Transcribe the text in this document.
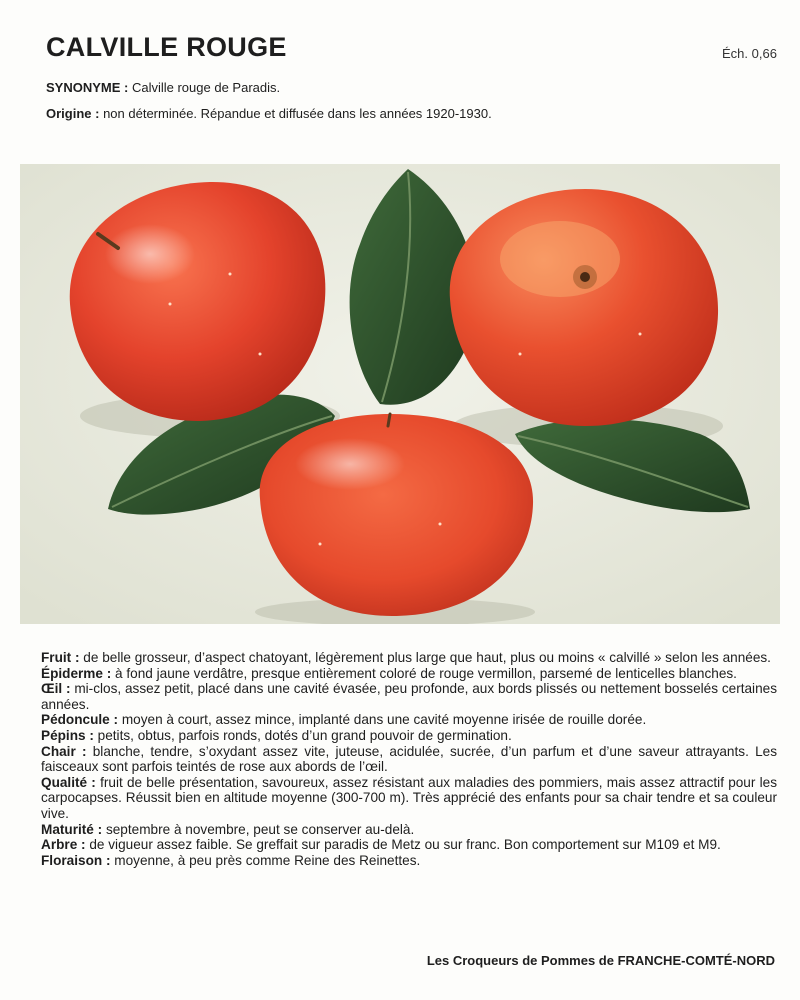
CALVILLE ROUGE	Éch. 0,66
SYNONYME : Calville rouge de Paradis.
Origine : non déterminée. Répandue et diffusée dans les années 1920-1930.

Fruit : de belle grosseur, d’aspect chatoyant, légèrement plus large que haut, plus ou moins « calvillé » selon les années.

Épiderme : à fond jaune verdâtre, presque entièrement coloré de rouge vermillon, parsemé de lenticelles blanches.

Œil : mi-clos, assez petit, placé dans une cavité évasée, peu profonde, aux bords plissés ou nettement bosselés certaines années.

Pédoncule : moyen à court, assez mince, implanté dans une cavité moyenne irisée de rouille dorée.

Pépins : petits, obtus, parfois ronds, dotés d’un grand pouvoir de germination.

Chair : blanche, tendre, s’oxydant assez vite, juteuse, acidulée, sucrée, d’un parfum et d’une saveur attrayants. Les faisceaux sont parfois teintés de rose aux abords de l’œil.

Qualité : fruit de belle présentation, savoureux, assez résistant aux maladies des pommiers, mais assez attractif pour les carpocapses. Réussit bien en altitude moyenne (300-700 m). Très apprécié des enfants pour sa chair tendre et sa couleur vive.

Maturité : septembre à novembre, peut se conserver au-delà.

Arbre : de vigueur assez faible. Se greffait sur paradis de Metz ou sur franc. Bon comportement sur M109 et M9.

Floraison : moyenne, à peu près comme Reine des Reinettes.

Les Croqueurs de Pommes de FRANCHE-COMTÉ-NORD
